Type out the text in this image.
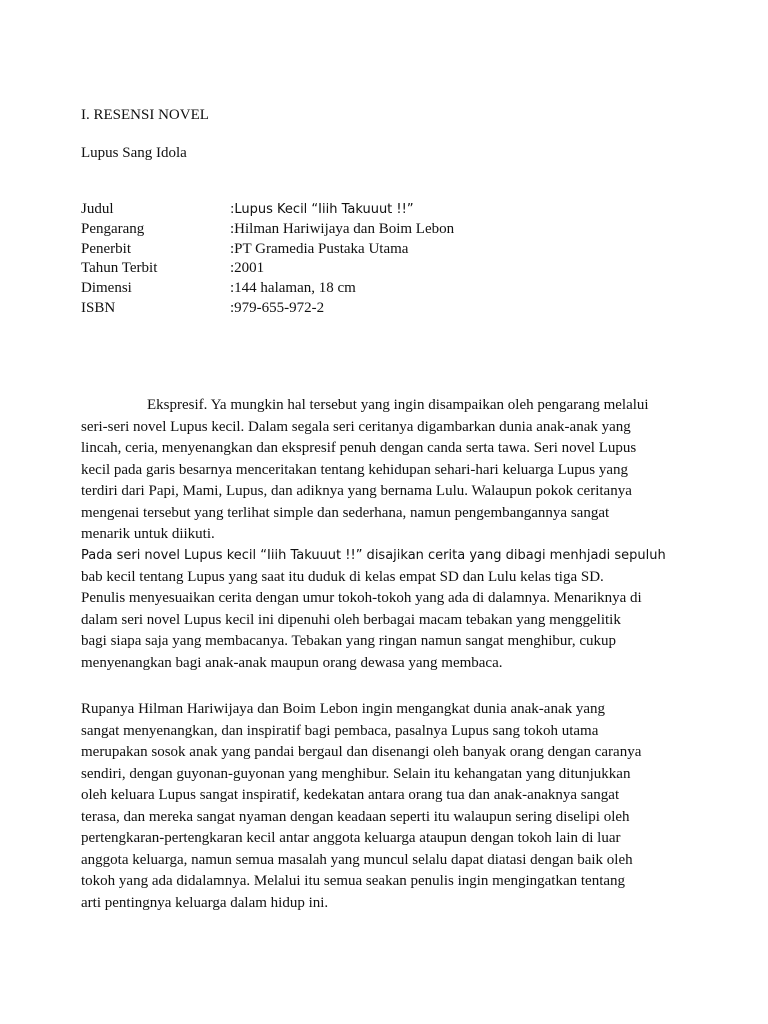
I. RESENSI NOVEL
Lupus Sang Idola
Judul	: Lupus Kecil “Iiih Takuuut !!”
Pengarang	: Hilman Hariwijaya dan Boim Lebon
Penerbit	: PT Gramedia Pustaka Utama
Tahun Terbit	: 2001
Dimensi	: 144 halaman, 18 cm
ISBN	: 979-655-972-2

Ekspresif. Ya mungkin hal tersebut yang ingin disampaikan oleh pengarang melalui
seri-seri novel Lupus kecil. Dalam segala seri ceritanya digambarkan dunia anak-anak yang
lincah, ceria, menyenangkan dan ekspresif penuh dengan canda serta tawa. Seri novel Lupus
kecil pada garis besarnya menceritakan tentang kehidupan sehari-hari keluarga Lupus yang
terdiri dari Papi, Mami, Lupus, dan adiknya yang bernama Lulu. Walaupun pokok ceritanya
mengenai tersebut yang terlihat simple dan sederhana, namun pengembangannya sangat
menarik untuk diikuti.

Pada seri novel Lupus kecil “Iiih Takuuut !!” disajikan cerita yang dibagi menhjadi sepuluh
bab kecil tentang Lupus yang saat itu duduk di kelas empat SD dan Lulu kelas tiga SD.
Penulis menyesuaikan cerita dengan umur tokoh-tokoh yang ada di dalamnya. Menariknya di
dalam seri novel Lupus kecil ini dipenuhi oleh berbagai macam tebakan yang menggelitik
bagi siapa saja yang membacanya. Tebakan yang ringan namun sangat menghibur, cukup
menyenangkan bagi anak-anak maupun orang dewasa yang membaca.

Rupanya Hilman Hariwijaya dan Boim Lebon ingin mengangkat dunia anak-anak yang
sangat menyenangkan, dan inspiratif bagi pembaca, pasalnya Lupus sang tokoh utama
merupakan sosok anak yang pandai bergaul dan disenangi oleh banyak orang dengan caranya
sendiri, dengan guyonan-guyonan yang menghibur. Selain itu kehangatan yang ditunjukkan
oleh keluara Lupus sangat inspiratif, kedekatan antara orang tua dan anak-anaknya sangat
terasa, dan mereka sangat nyaman dengan keadaan seperti itu walaupun sering diselipi oleh
pertengkaran-pertengkaran kecil antar anggota keluarga ataupun dengan tokoh lain di luar
anggota keluarga, namun semua masalah yang muncul selalu dapat diatasi dengan baik oleh
tokoh yang ada didalamnya. Melalui itu semua seakan penulis ingin mengingatkan tentang
arti pentingnya keluarga dalam hidup ini.
